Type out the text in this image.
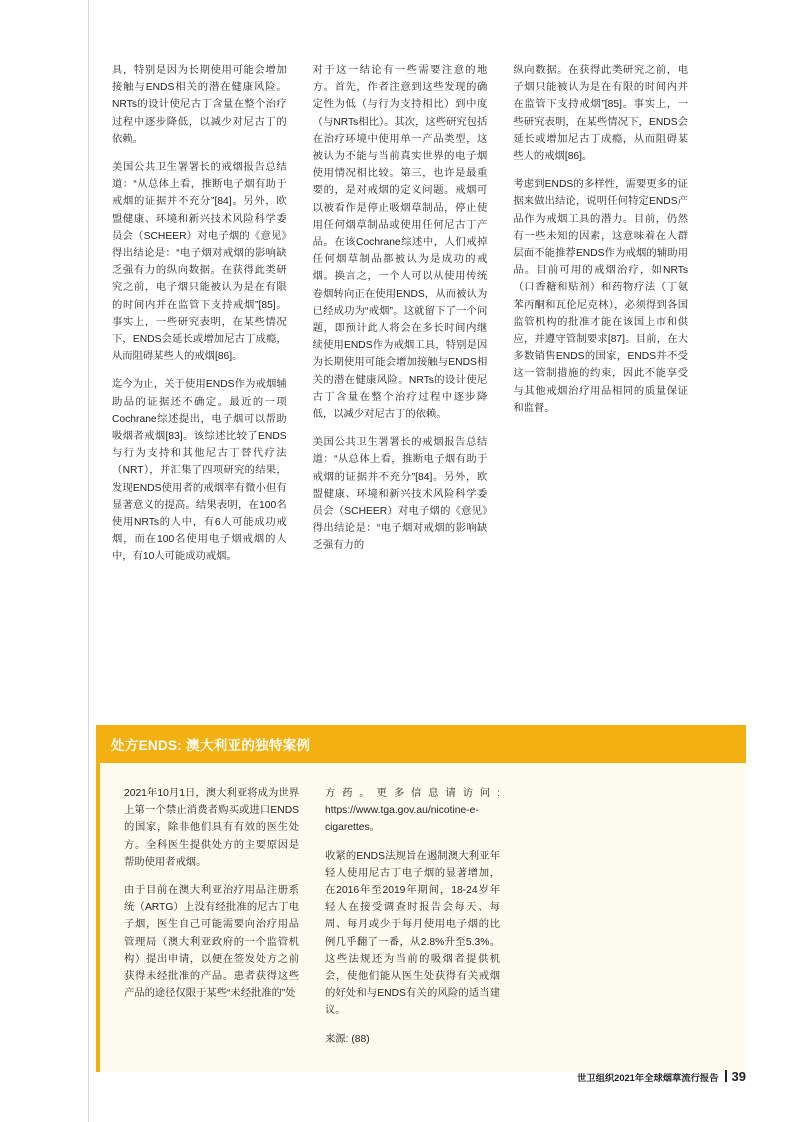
具，特别是因为长期使用可能会增加接触与ENDS相关的潜在健康风险。NRTs的设计使尼古丁含量在整个治疗过程中逐步降低，以减少对尼古丁的依赖。

美国公共卫生署署长的戒烟报告总结道：“从总体上看，推断电子烟有助于戒烟的证据并不充分”[84]。另外，欧盟健康、环境和新兴技术风险科学委员会（SCHEER）对电子烟的《意见》得出结论是：“电子烟对戒烟的影响缺乏强有力的纵向数据。在获得此类研究之前，电子烟只能被认为是在有限的时间内并在监管下支持戒烟”[85]。事实上，一些研究表明，在某些情况下，ENDS会延长或增加尼古丁成瘾，从而阻碍某些人的戒烟[86]。

迄今为止，关于使用ENDS作为戒烟辅助品的证据还不确定。最近的一项Cochrane综述提出，电子烟可以帮助吸烟者戒烟[83]。该综述比较了ENDS与行为支持和其他尼古丁替代疗法（NRT），并汇集了四项研究的结果，发现ENDS使用者的戒烟率有微小但有显著意义的提高。结果表明，在100名使用NRTs的人中，有6人可能成功戒烟，而在100名使用电子烟戒烟的人中，有10人可能成功戒烟。

对于这一结论有一些需要注意的地方。首先，作者注意到这些发现的确定性为低（与行为支持相比）到中度（与NRTs相比）。其次，这些研究包括在治疗环境中使用单一产品类型，这被认为不能与当前真实世界的电子烟使用情况相比较。第三，也许是最重要的，是对戒烟的定义问题。戒烟可以被看作是停止吸烟草制品，停止使用任何烟草制品或使用任何尼古丁产品。在该Cochrane综述中，人们戒掉任何烟草制品都被认为是成功的戒烟。换言之，一个人可以从使用传统卷烟转向正在使用ENDS，从而被认为已经成功为“戒烟”。这就留下了一个问题，即预计此人将会在多长时间内继续使用ENDS作为戒烟工具，特别是因为长期使用可能会增加接触与ENDS相关的潜在健康风险。NRTs的设计使尼古丁含量在整个治疗过程中逐步降低，以减少对尼古丁的依赖。

美国公共卫生署署长的戒烟报告总结道：“从总体上看，推断电子烟有助于戒烟的证据并不充分”[84]。另外，欧盟健康、环境和新兴技术风险科学委员会（SCHEER）对电子烟的《意见》得出结论是：“电子烟对戒烟的影响缺乏强有力的

纵向数据。在获得此类研究之前，电子烟只能被认为是在有限的时间内并在监管下支持戒烟”[85]。事实上，一些研究表明，在某些情况下，ENDS会延长或增加尼古丁成瘾，从而阻碍某些人的戒烟[86]。

考虑到ENDS的多样性，需要更多的证据来做出结论，说明任何特定ENDS产品作为戒烟工具的潜力。目前，仍然有一些未知的因素，这意味着在人群层面不能推荐ENDS作为戒烟的辅助用品。目前可用的戒烟治疗，如NRTs（口香糖和贴剂）和药物疗法（丁氨苯丙酮和瓦伦尼克林），必须得到各国监管机构的批准才能在该国上市和供应，并遵守管制要求[87]。目前，在大多数销售ENDS的国家，ENDS并不受这一管制措施的约束，因此不能享受与其他戒烟治疗用品相同的质量保证和监督。

处方ENDS: 澳大利亚的独特案例

2021年10月1日，澳大利亚将成为世界上第一个禁止消费者购买或进口ENDS的国家，除非他们具有有效的医生处方。全科医生提供处方的主要原因是帮助使用者戒烟。

由于目前在澳大利亚治疗用品注册系统（ARTG）上没有经批准的尼古丁电子烟，医生自己可能需要向治疗用品管理局（澳大利亚政府的一个监管机构）提出申请，以便在签发处方之前获得未经批准的产品。患者获得这些产品的途径仅限于某些“未经批准的”处

方药。更多信息请访问: https://www.tga.gov.au/nicotine-e-cigarettes。

收紧的ENDS法规旨在遏制澳大利亚年轻人使用尼古丁电子烟的显著增加，在2016年至2019年期间，18-24岁年轻人在接受调查时报告会每天、每周、每月或少于每月使用电子烟的比例几乎翻了一番，从2.8%升至5.3%。这些法规还为当前的吸烟者提供机会，使他们能从医生处获得有关戒烟的好处和与ENDS有关的风险的适当建议。

来源: (88)

世卫组织2021年全球烟草流行报告 39
